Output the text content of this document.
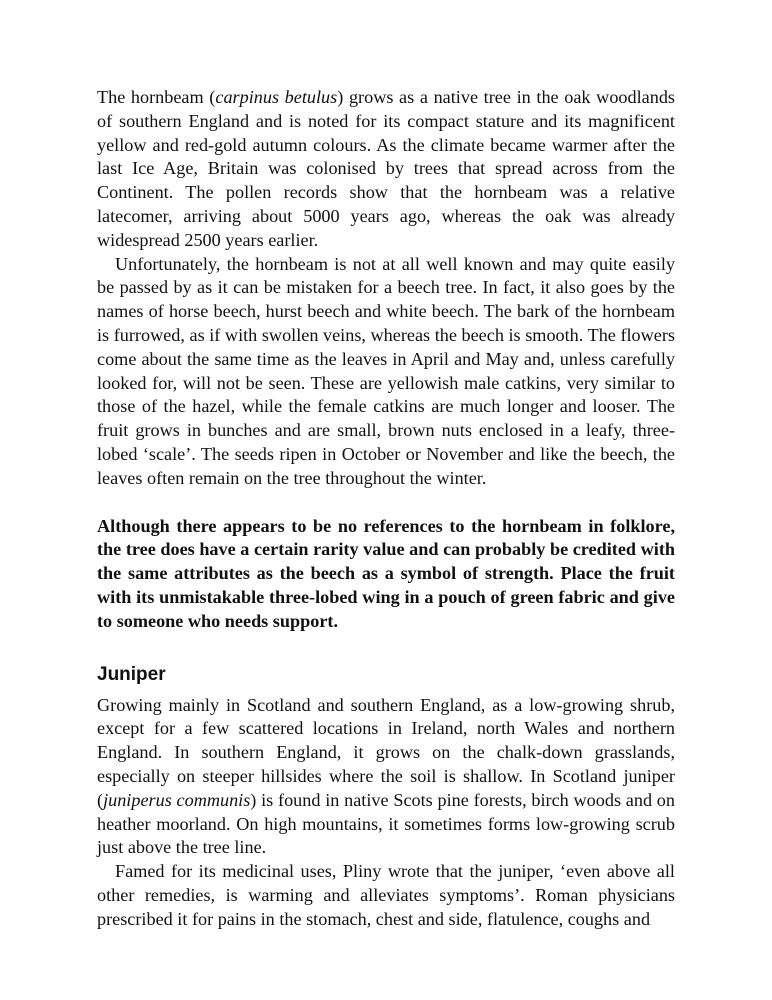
The hornbeam (carpinus betulus) grows as a native tree in the oak woodlands of southern England and is noted for its compact stature and its magnificent yellow and red-gold autumn colours. As the climate became warmer after the last Ice Age, Britain was colonised by trees that spread across from the Continent. The pollen records show that the hornbeam was a relative latecomer, arriving about 5000 years ago, whereas the oak was already widespread 2500 years earlier.

Unfortunately, the hornbeam is not at all well known and may quite easily be passed by as it can be mistaken for a beech tree. In fact, it also goes by the names of horse beech, hurst beech and white beech. The bark of the hornbeam is furrowed, as if with swollen veins, whereas the beech is smooth. The flowers come about the same time as the leaves in April and May and, unless carefully looked for, will not be seen. These are yellowish male catkins, very similar to those of the hazel, while the female catkins are much longer and looser. The fruit grows in bunches and are small, brown nuts enclosed in a leafy, three-lobed ‘scale’. The seeds ripen in October or November and like the beech, the leaves often remain on the tree throughout the winter.

Although there appears to be no references to the hornbeam in folklore, the tree does have a certain rarity value and can probably be credited with the same attributes as the beech as a symbol of strength. Place the fruit with its unmistakable three-lobed wing in a pouch of green fabric and give to someone who needs support.

Juniper

Growing mainly in Scotland and southern England, as a low-growing shrub, except for a few scattered locations in Ireland, north Wales and northern England. In southern England, it grows on the chalk-down grasslands, especially on steeper hillsides where the soil is shallow. In Scotland juniper (juniperus communis) is found in native Scots pine forests, birch woods and on heather moorland. On high mountains, it sometimes forms low-growing scrub just above the tree line.

Famed for its medicinal uses, Pliny wrote that the juniper, ‘even above all other remedies, is warming and alleviates symptoms’. Roman physicians prescribed it for pains in the stomach, chest and side, flatulence, coughs and
